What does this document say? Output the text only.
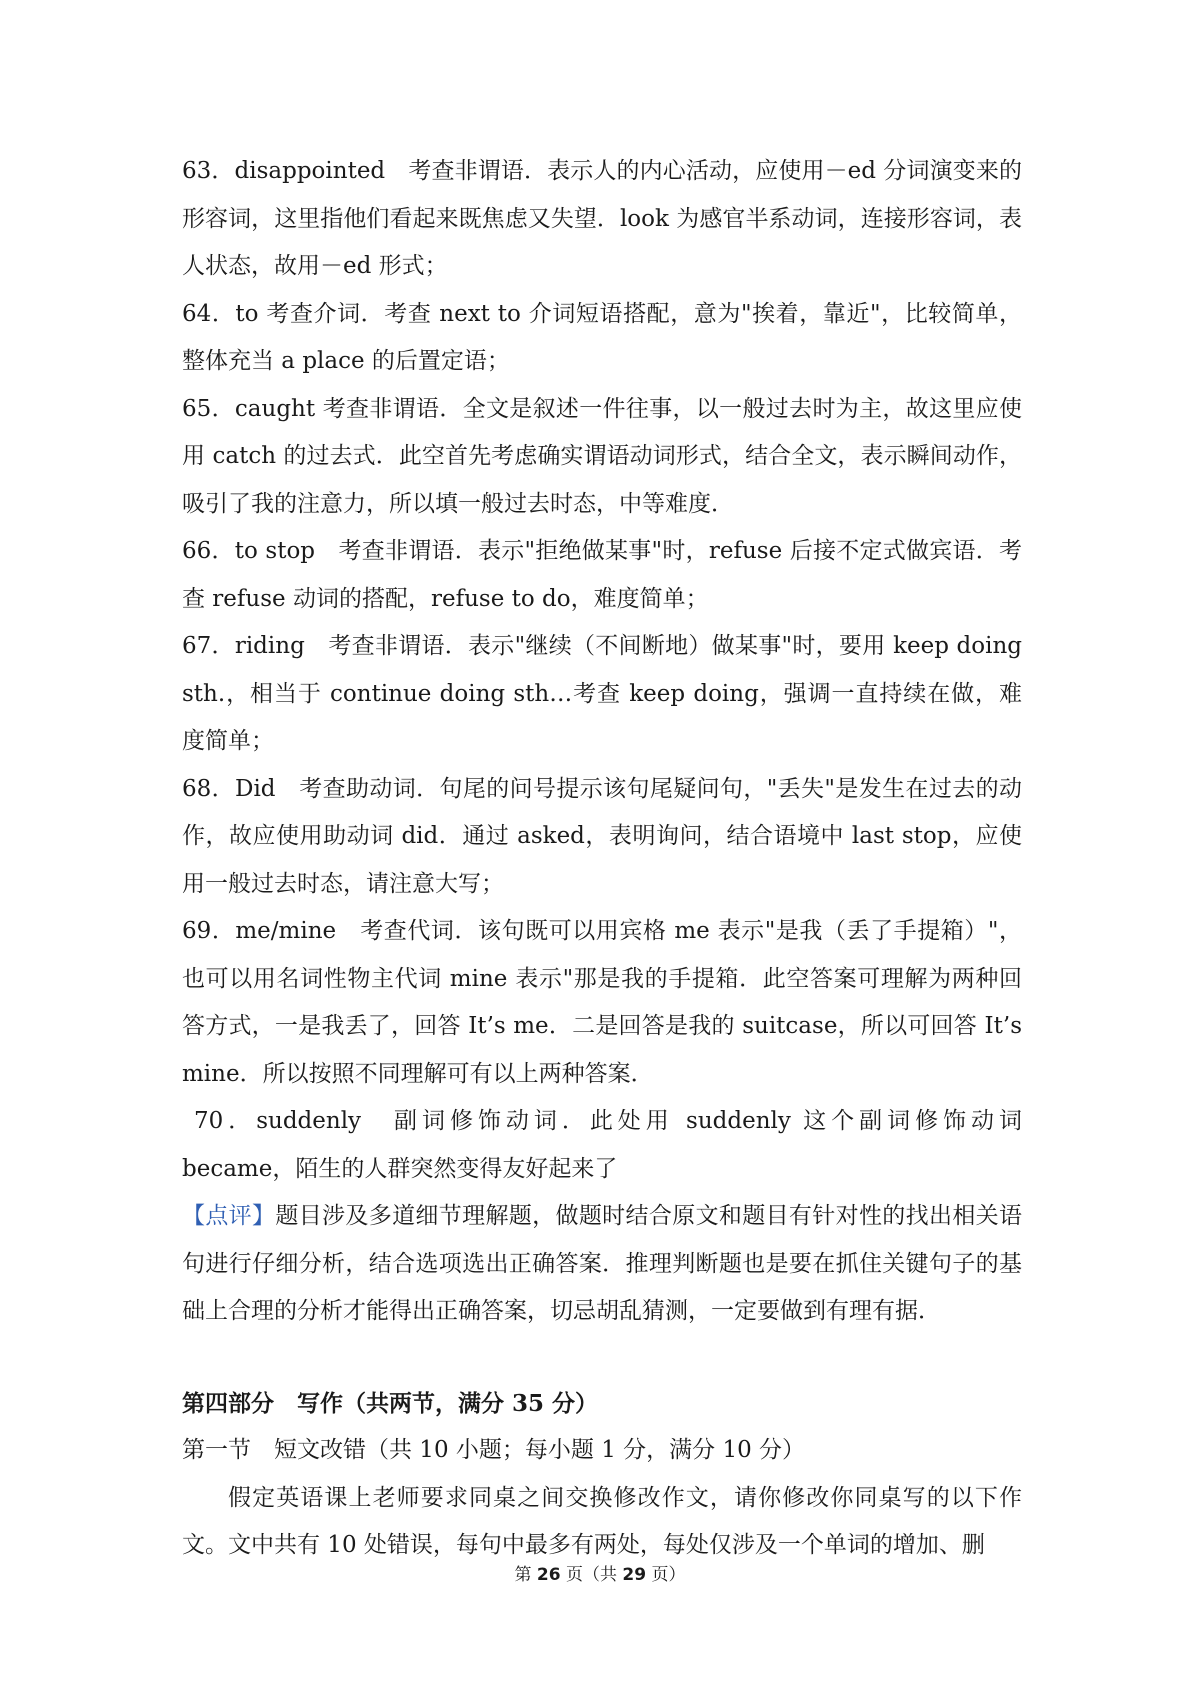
63．disappointed　考查非谓语．表示人的内心活动，应使用－ed 分词演变来的形容词，这里指他们看起来既焦虑又失望．look 为感官半系动词，连接形容词，表人状态，故用－ed 形式；

64．to 考查介词．考查 next to 介词短语搭配，意为"挨着，靠近"，比较简单，整体充当 a place 的后置定语；

65．caught 考查非谓语．全文是叙述一件往事，以一般过去时为主，故这里应使用 catch 的过去式．此空首先考虑确实谓语动词形式，结合全文，表示瞬间动作，吸引了我的注意力，所以填一般过去时态，中等难度．

66．to stop　考查非谓语．表示"拒绝做某事"时，refuse 后接不定式做宾语．考查 refuse 动词的搭配，refuse to do，难度简单；

67．riding　考查非谓语．表示"继续（不间断地）做某事"时，要用 keep doing sth.，相当于 continue doing sth…考查 keep doing，强调一直持续在做，难度简单；

68．Did　考查助动词．句尾的问号提示该句尾疑问句，"丢失"是发生在过去的动作，故应使用助动词 did．通过 asked，表明询问，结合语境中 last stop，应使用一般过去时态，请注意大写；

69．me/mine　考查代词．该句既可以用宾格 me 表示"是我（丢了手提箱）"，也可以用名词性物主代词 mine 表示"那是我的手提箱．此空答案可理解为两种回答方式，一是我丢了，回答 It’s me．二是回答是我的 suitcase，所以可回答 It’s mine．所以按照不同理解可有以上两种答案．

70．suddenly　副词修饰动词．此处用 suddenly 这个副词修饰动词 became，陌生的人群突然变得友好起来了

【点评】题目涉及多道细节理解题，做题时结合原文和题目有针对性的找出相关语句进行仔细分析，结合选项选出正确答案．推理判断题也是要在抓住关键句子的基础上合理的分析才能得出正确答案，切忌胡乱猜测，一定要做到有理有据．

第四部分　写作（共两节，满分 35 分）

第一节　短文改错（共 10 小题；每小题 1 分，满分 10 分）

假定英语课上老师要求同桌之间交换修改作文，请你修改你同桌写的以下作文。文中共有 10 处错误，每句中最多有两处，每处仅涉及一个单词的增加、删

第 26 页（共 29 页）
